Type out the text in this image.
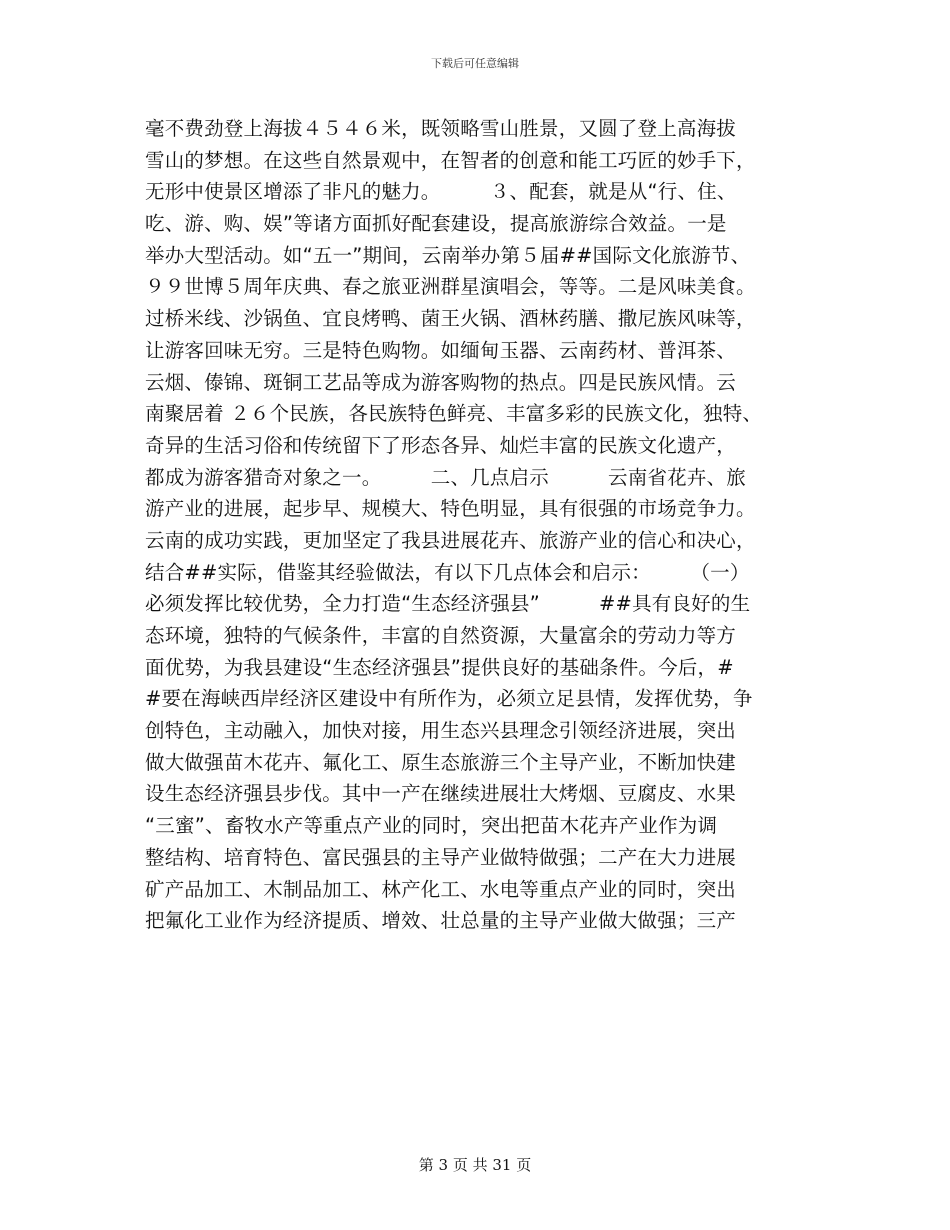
下载后可任意编辑
毫不费劲登上海拔４５４６米，既领略雪山胜景，又圆了登上高海拔
雪山的梦想。在这些自然景观中，在智者的创意和能工巧匠的妙手下，
无形中使景区增添了非凡的魅力。　　　３、配套，就是从“行、住、
吃、游、购、娱”等诸方面抓好配套建设，提高旅游综合效益。一是
举办大型活动。如“五一”期间，云南举办第５届##国际文化旅游节、
９９世博５周年庆典、春之旅亚洲群星演唱会，等等。二是风味美食。
过桥米线、沙锅鱼、宜良烤鸭、菌王火锅、酒林药膳、撒尼族风味等，
让游客回味无穷。三是特色购物。如缅甸玉器、云南药材、普洱茶、
云烟、傣锦、斑铜工艺品等成为游客购物的热点。四是民族风情。云
南聚居着 ２６个民族，各民族特色鲜亮、丰富多彩的民族文化，独特、
奇异的生活习俗和传统留下了形态各异、灿烂丰富的民族文化遗产，
都成为游客猎奇对象之一。　　　二、几点启示　　　云南省花卉、旅
游产业的进展，起步早、规模大、特色明显，具有很强的市场竞争力。
云南的成功实践，更加坚定了我县进展花卉、旅游产业的信心和决心，
结合##实际，借鉴其经验做法，有以下几点体会和启示：　　　（一）
必须发挥比较优势，全力打造“生态经济强县”　　　##具有良好的生
态环境，独特的气候条件，丰富的自然资源，大量富余的劳动力等方
面优势，为我县建设“生态经济强县”提供良好的基础条件。今后，#
#要在海峡西岸经济区建设中有所作为，必须立足县情，发挥优势，争
创特色，主动融入，加快对接，用生态兴县理念引领经济进展，突出
做大做强苗木花卉、氟化工、原生态旅游三个主导产业，不断加快建
设生态经济强县步伐。其中一产在继续进展壮大烤烟、豆腐皮、水果
“三蜜”、畜牧水产等重点产业的同时，突出把苗木花卉产业作为调
整结构、培育特色、富民强县的主导产业做特做强；二产在大力进展
矿产品加工、木制品加工、林产化工、水电等重点产业的同时，突出
把氟化工业作为经济提质、增效、壮总量的主导产业做大做强；三产
第 3 页 共 31 页
